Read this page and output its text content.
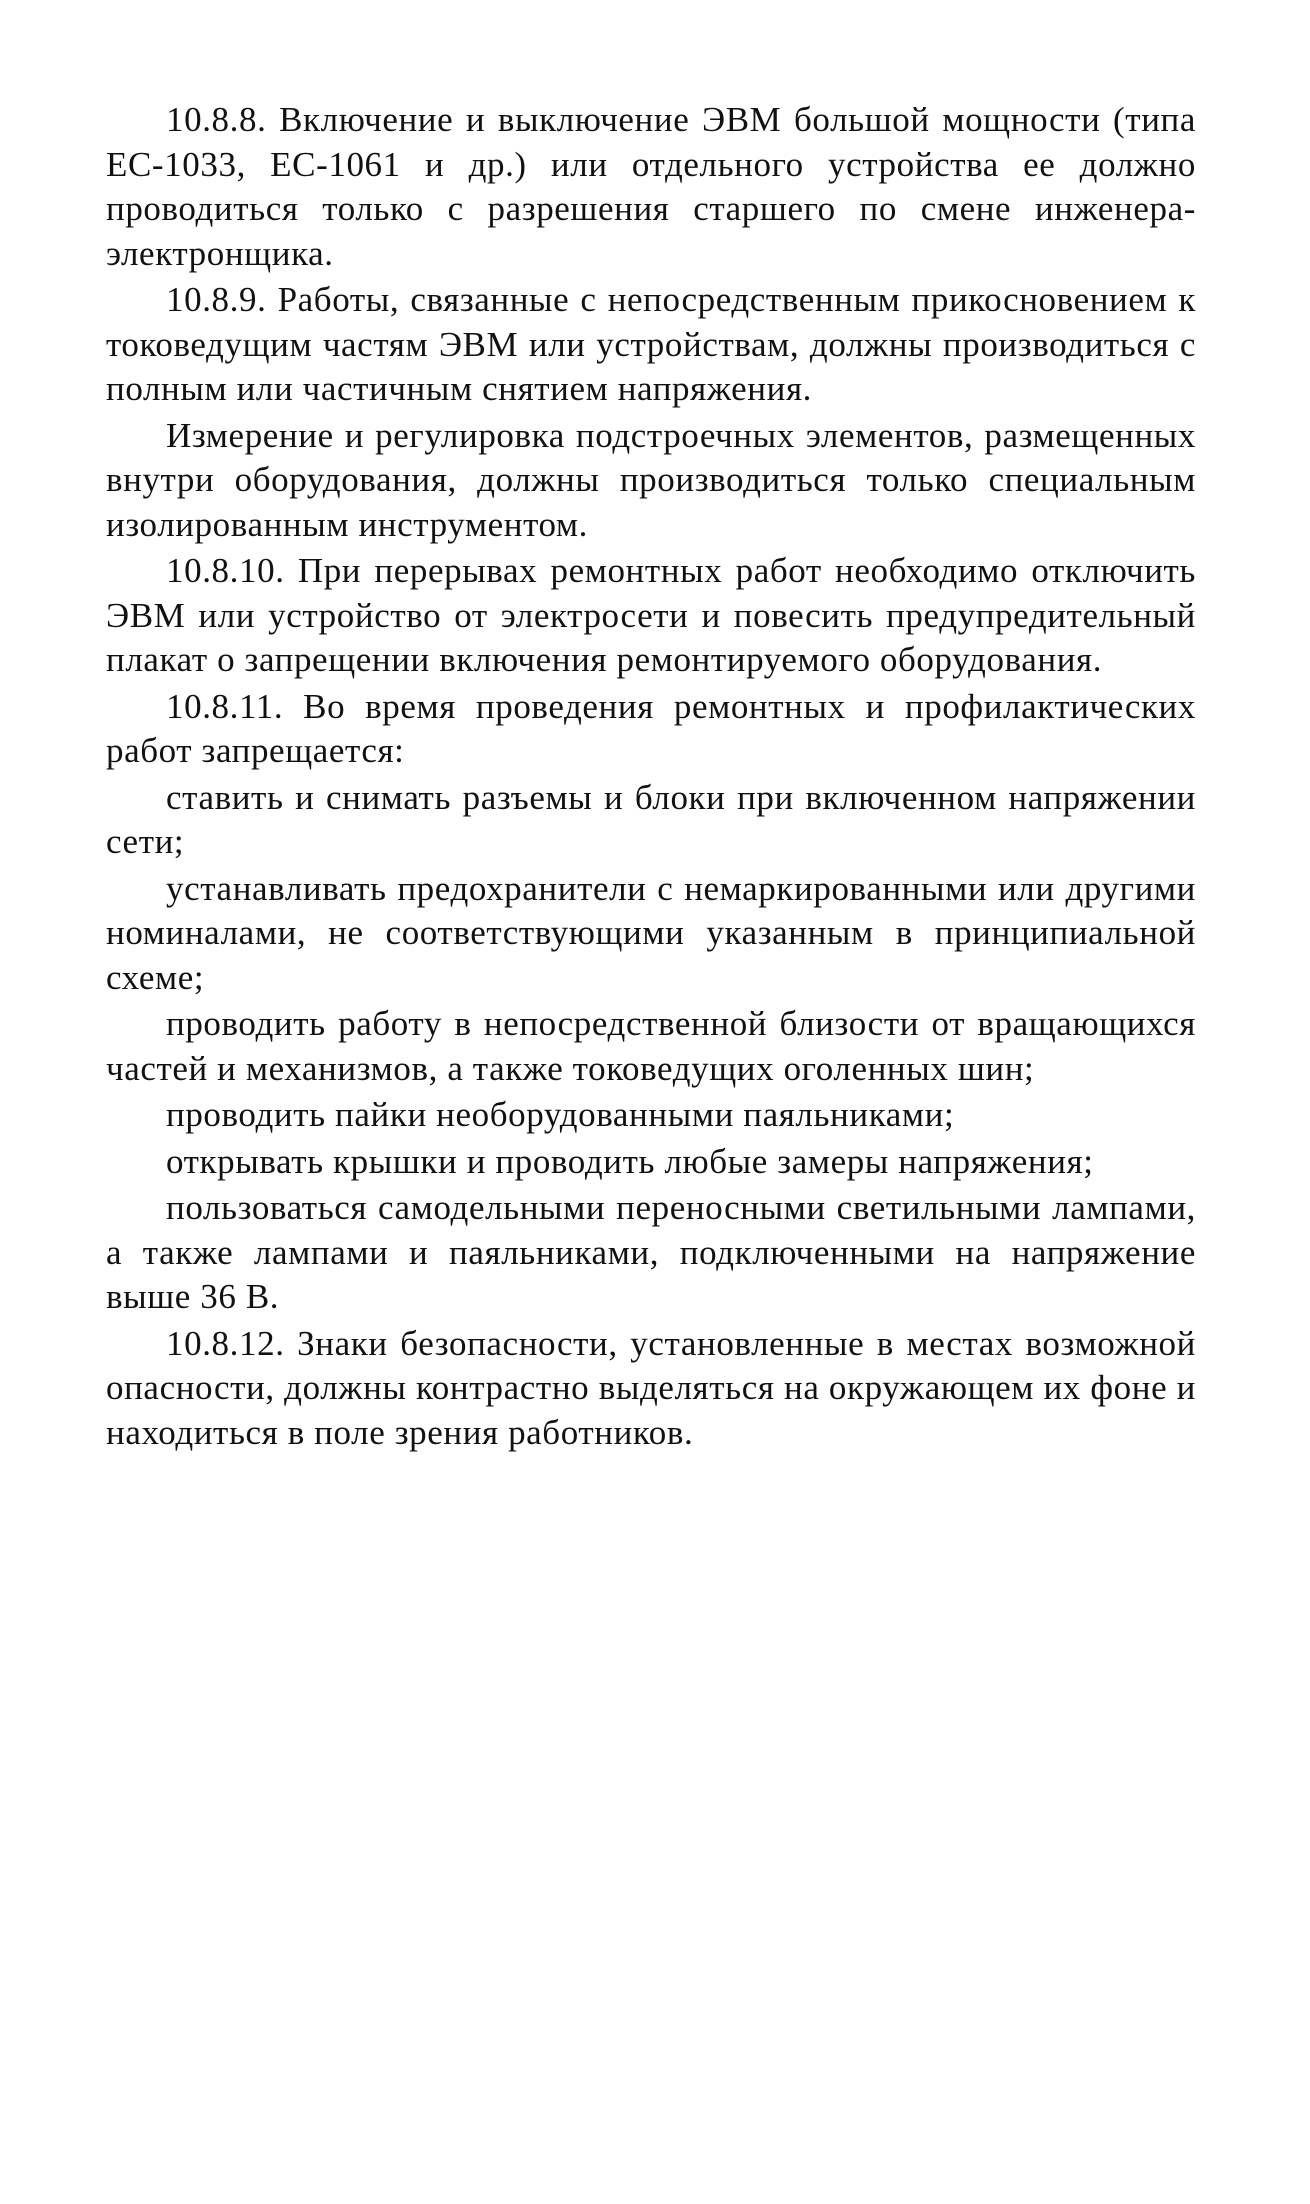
10.8.8. Включение и выключение ЭВМ большой мощности (типа ЕС-1033, ЕС-1061 и др.) или отдельного устройства ее должно проводиться только с разрешения старшего по смене инженера-электронщика.

10.8.9. Работы, связанные с непосредственным прикосновением к токоведущим частям ЭВМ или устройствам, должны производиться с полным или частичным снятием напряжения.

Измерение и регулировка подстроечных элементов, размещенных внутри оборудования, должны производиться только специальным изолированным инструментом.

10.8.10. При перерывах ремонтных работ необходимо отключить ЭВМ или устройство от электросети и повесить предупредительный плакат о запрещении включения ремонтируемого оборудования.

10.8.11. Во время проведения ремонтных и профилактических работ запрещается:

ставить и снимать разъемы и блоки при включенном напряжении сети;

устанавливать предохранители с немаркированными или другими номиналами, не соответствующими указанным в принципиальной схеме;

проводить работу в непосредственной близости от вращающихся частей и механизмов, а также токоведущих оголенных шин;

проводить пайки необорудованными паяльниками;

открывать крышки и проводить любые замеры напряжения;

пользоваться самодельными переносными светильными лампами, а также лампами и паяльниками, подключенными на напряжение выше 36 В.

10.8.12. Знаки безопасности, установленные в местах возможной опасности, должны контрастно выделяться на окружающем их фоне и находиться в поле зрения работников.
